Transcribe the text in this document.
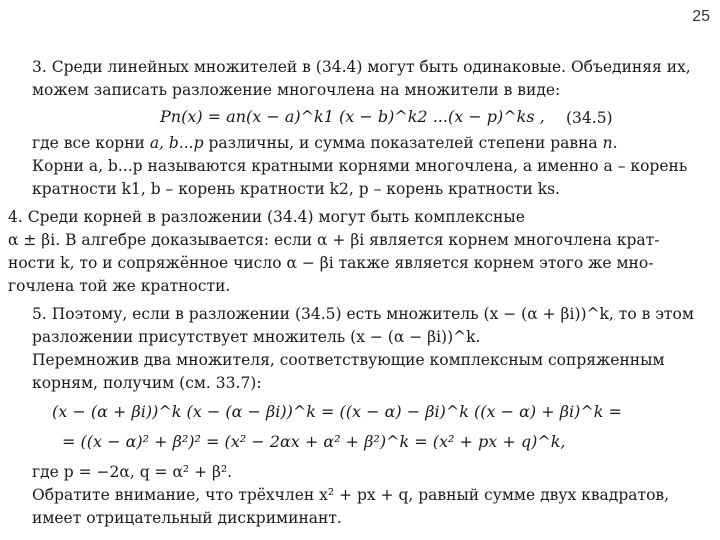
25
3. Среди линейных множителей в (34.4) могут быть одинаковые. Объединяя их,
можем записать разложение многочлена на множители в виде:
Pn(x) = an(x − a)^k1 (x − b)^k2 ...(x − p)^ks , (34.5)
где все корни a, b...p различны, и сумма показателей степени равна n.
Корни a, b...p называются кратными корнями многочлена, а именно a – корень
кратности k1, b – корень кратности k2, p – корень кратности ks.
4. Среди корней в разложении (34.4) могут быть комплексные
α ± βi. В алгебре доказывается: если α + βi является корнем многочлена крат-
ности k, то и сопряжённое число α − βi также является корнем этого же мно-
гочлена той же кратности.
5. Поэтому, если в разложении (34.5) есть множитель (x − (α + βi))^k, то в этом
разложении присутствует множитель (x − (α − βi))^k.
Перемножив два множителя, соответствующие комплексным сопряженным
корням, получим (см. 33.7):
(x − (α + βi))^k (x − (α − βi))^k = ((x − α) − βi)^k ((x − α) + βi)^k =
= ((x − α)² + β²)² = (x² − 2αx + α² + β²)^k = (x² + px + q)^k,
где p = −2α, q = α² + β².
Обратите внимание, что трёхчлен x² + px + q, равный сумме двух квадратов,
имеет отрицательный дискриминант.
